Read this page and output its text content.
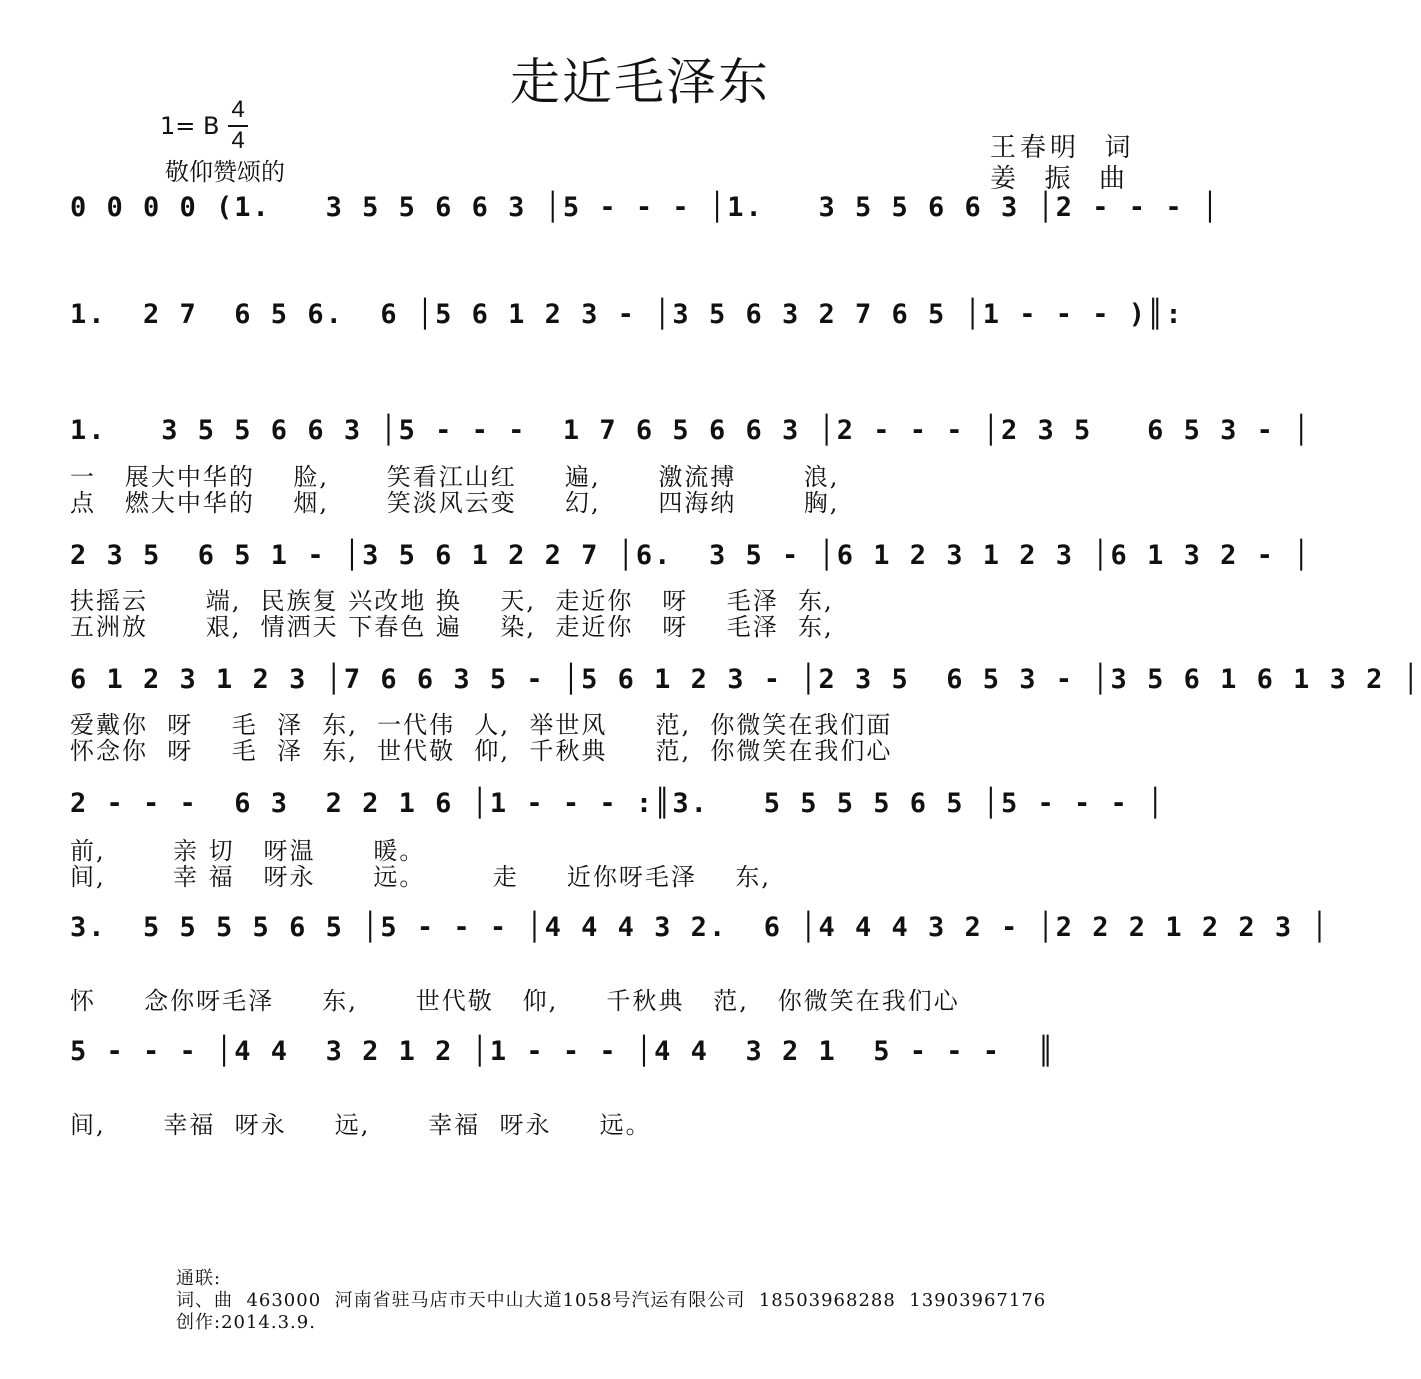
走近毛泽东
1= B
4
4
敬仰赞颂的
王春明  词
姜  振  曲
0 0 0 0 (1.   3 5 5 6 6 3 │5 - - - │1.   3 5 5 6 6 3 │2 - - - │
1.  2 7  6 5 6.  6 │5 6 1 2 3 - │3 5 6 3 2 7 6 5 │1 - - - )║:
1.   3 5 5 6 6 3 │5 - - -  1 7 6 5 6 6 3 │2 - - - │2 3 5   6 5 3 - │
一   展大中华的    脸,      笑看江山红     遍,      激流搏       浪,
点   燃大中华的    烟,      笑淡风云变     幻,      四海纳       胸,
2 3 5  6 5 1 - │3 5 6 1 2 2 7 │6.  3 5 - │6 1 2 3 1 2 3 │6 1 3 2 - │
扶摇云      端,  民族复 兴改地 换    天,  走近你   呀    毛泽  东,
五洲放      艰,  情洒天 下春色 遍    染,  走近你   呀    毛泽  东,
6 1 2 3 1 2 3 │7 6 6 3 5 - │5 6 1 2 3 - │2 3 5  6 5 3 - │3 5 6 1 6 1 3 2 │
爱戴你  呀    毛  泽  东,  一代伟  人,  举世风     范,  你微笑在我们面
怀念你  呀    毛  泽  东,  世代敬  仰,  千秋典     范,  你微笑在我们心
2 - - -  6 3  2 2 1 6 │1 - - - :║3.   5 5 5 5 6 5 │5 - - - │
前,       亲 切   呀温      暖。
间,       幸 福   呀永      远。       走     近你呀毛泽    东,
3.  5 5 5 5 6 5 │5 - - - │4 4 4 3 2.  6 │4 4 4 3 2 - │2 2 2 1 2 2 3 │
怀     念你呀毛泽     东,      世代敬   仰,     千秋典   范,   你微笑在我们心
5 - - - │4 4  3 2 1 2 │1 - - - │4 4  3 2 1  5 - - -  ║
间,      幸福  呀永     远,      幸福  呀永     远。
通联:
词、曲  463000  河南省驻马店市天中山大道1058号汽运有限公司  18503968288  13903967176
创作:2014.3.9.
